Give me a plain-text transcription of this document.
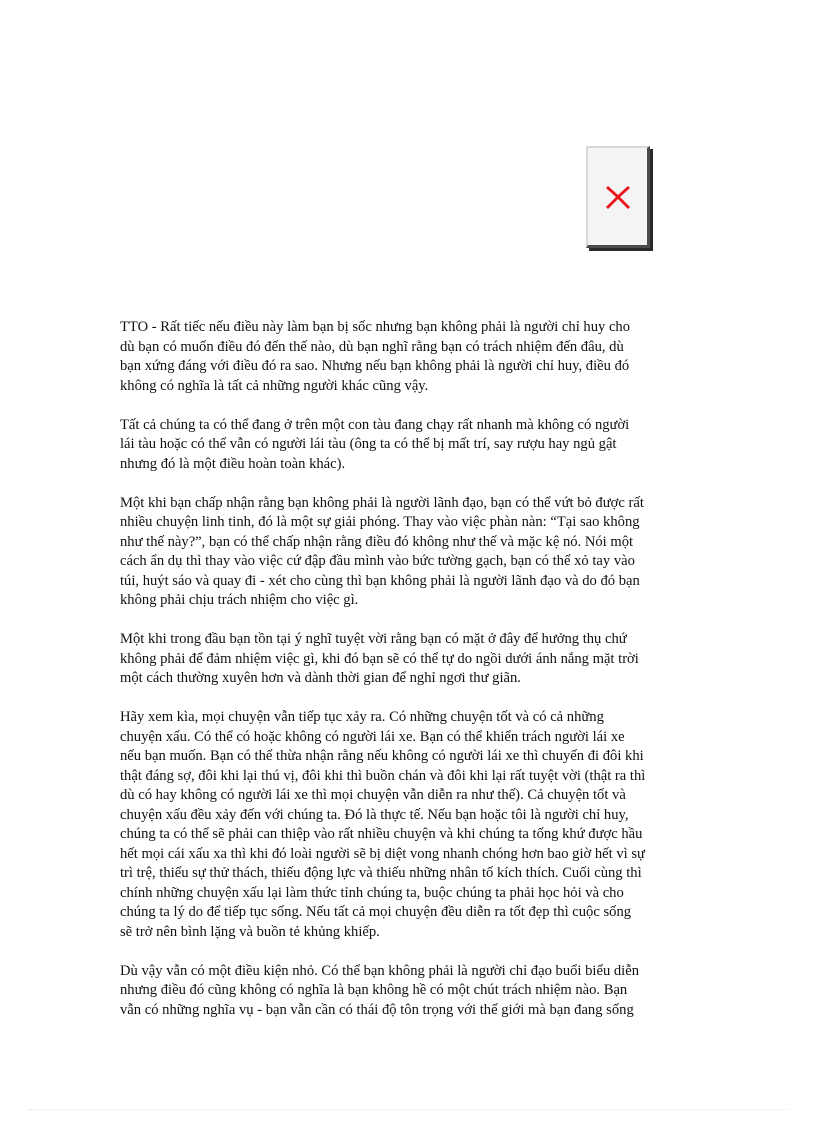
TTO - Rất tiếc nếu điều này làm bạn bị sốc nhưng bạn không phải là người chỉ huy cho
dù bạn có muốn điều đó đến thế nào, dù bạn nghĩ rằng bạn có trách nhiệm đến đâu, dù
bạn xứng đáng với điều đó ra sao. Nhưng nếu bạn không phải là người chỉ huy, điều đó
không có nghĩa là tất cả những người khác cũng vậy.

Tất cả chúng ta có thể đang ở trên một con tàu đang chạy rất nhanh mà không có người
lái tàu hoặc có thể vẫn có người lái tàu (ông ta có thể bị mất trí, say rượu hay ngủ gật
nhưng đó là một điều hoàn toàn khác).

Một khi bạn chấp nhận rằng bạn không phải là người lãnh đạo, bạn có thể vứt bỏ được rất
nhiều chuyện linh tinh, đó là một sự giải phóng. Thay vào việc phàn nàn: “Tại sao không
như thế này?”, bạn có thể chấp nhận rằng điều đó không như thế và mặc kệ nó. Nói một
cách ẩn dụ thì thay vào việc cứ đập đầu mình vào bức tường gạch, bạn có thể xỏ tay vào
túi, huýt sáo và quay đi - xét cho cùng thì bạn không phải là người lãnh đạo và do đó bạn
không phải chịu trách nhiệm cho việc gì.

Một khi trong đầu bạn tồn tại ý nghĩ tuyệt vời rằng bạn có mặt ở đây để hưởng thụ chứ
không phải để đảm nhiệm việc gì, khi đó bạn sẽ có thể tự do ngồi dưới ánh nắng mặt trời
một cách thường xuyên hơn và dành thời gian để nghỉ ngơi thư giãn.

Hãy xem kìa, mọi chuyện vẫn tiếp tục xảy ra. Có những chuyện tốt và có cả những
chuyện xấu. Có thể có hoặc không có người lái xe. Bạn có thể khiển trách người lái xe
nếu bạn muốn. Bạn có thể thừa nhận rằng nếu không có người lái xe thì chuyến đi đôi khi
thật đáng sợ, đôi khi lại thú vị, đôi khi thì buồn chán và đôi khi lại rất tuyệt vời (thật ra thì
dù có hay không có người lái xe thì mọi chuyện vẫn diễn ra như thế). Cả chuyện tốt và
chuyện xấu đều xảy đến với chúng ta. Đó là thực tế. Nếu bạn hoặc tôi là người chỉ huy,
chúng ta có thể sẽ phải can thiệp vào rất nhiều chuyện và khi chúng ta tống khứ được hầu
hết mọi cái xấu xa thì khi đó loài người sẽ bị diệt vong nhanh chóng hơn bao giờ hết vì sự
trì trệ, thiếu sự thử thách, thiếu động lực và thiếu những nhân tố kích thích. Cuối cùng thì
chính những chuyện xấu lại làm thức tỉnh chúng ta, buộc chúng ta phải học hỏi và cho
chúng ta lý do để tiếp tục sống. Nếu tất cả mọi chuyện đều diễn ra tốt đẹp thì cuộc sống
sẽ trở nên bình lặng và buồn tẻ khủng khiếp.

Dù vậy vẫn có một điều kiện nhỏ. Có thể bạn không phải là người chỉ đạo buổi biểu diễn
nhưng điều đó cũng không có nghĩa là bạn không hề có một chút trách nhiệm nào. Bạn
vẫn có những nghĩa vụ - bạn vẫn cần có thái độ tôn trọng với thế giới mà bạn đang sống
